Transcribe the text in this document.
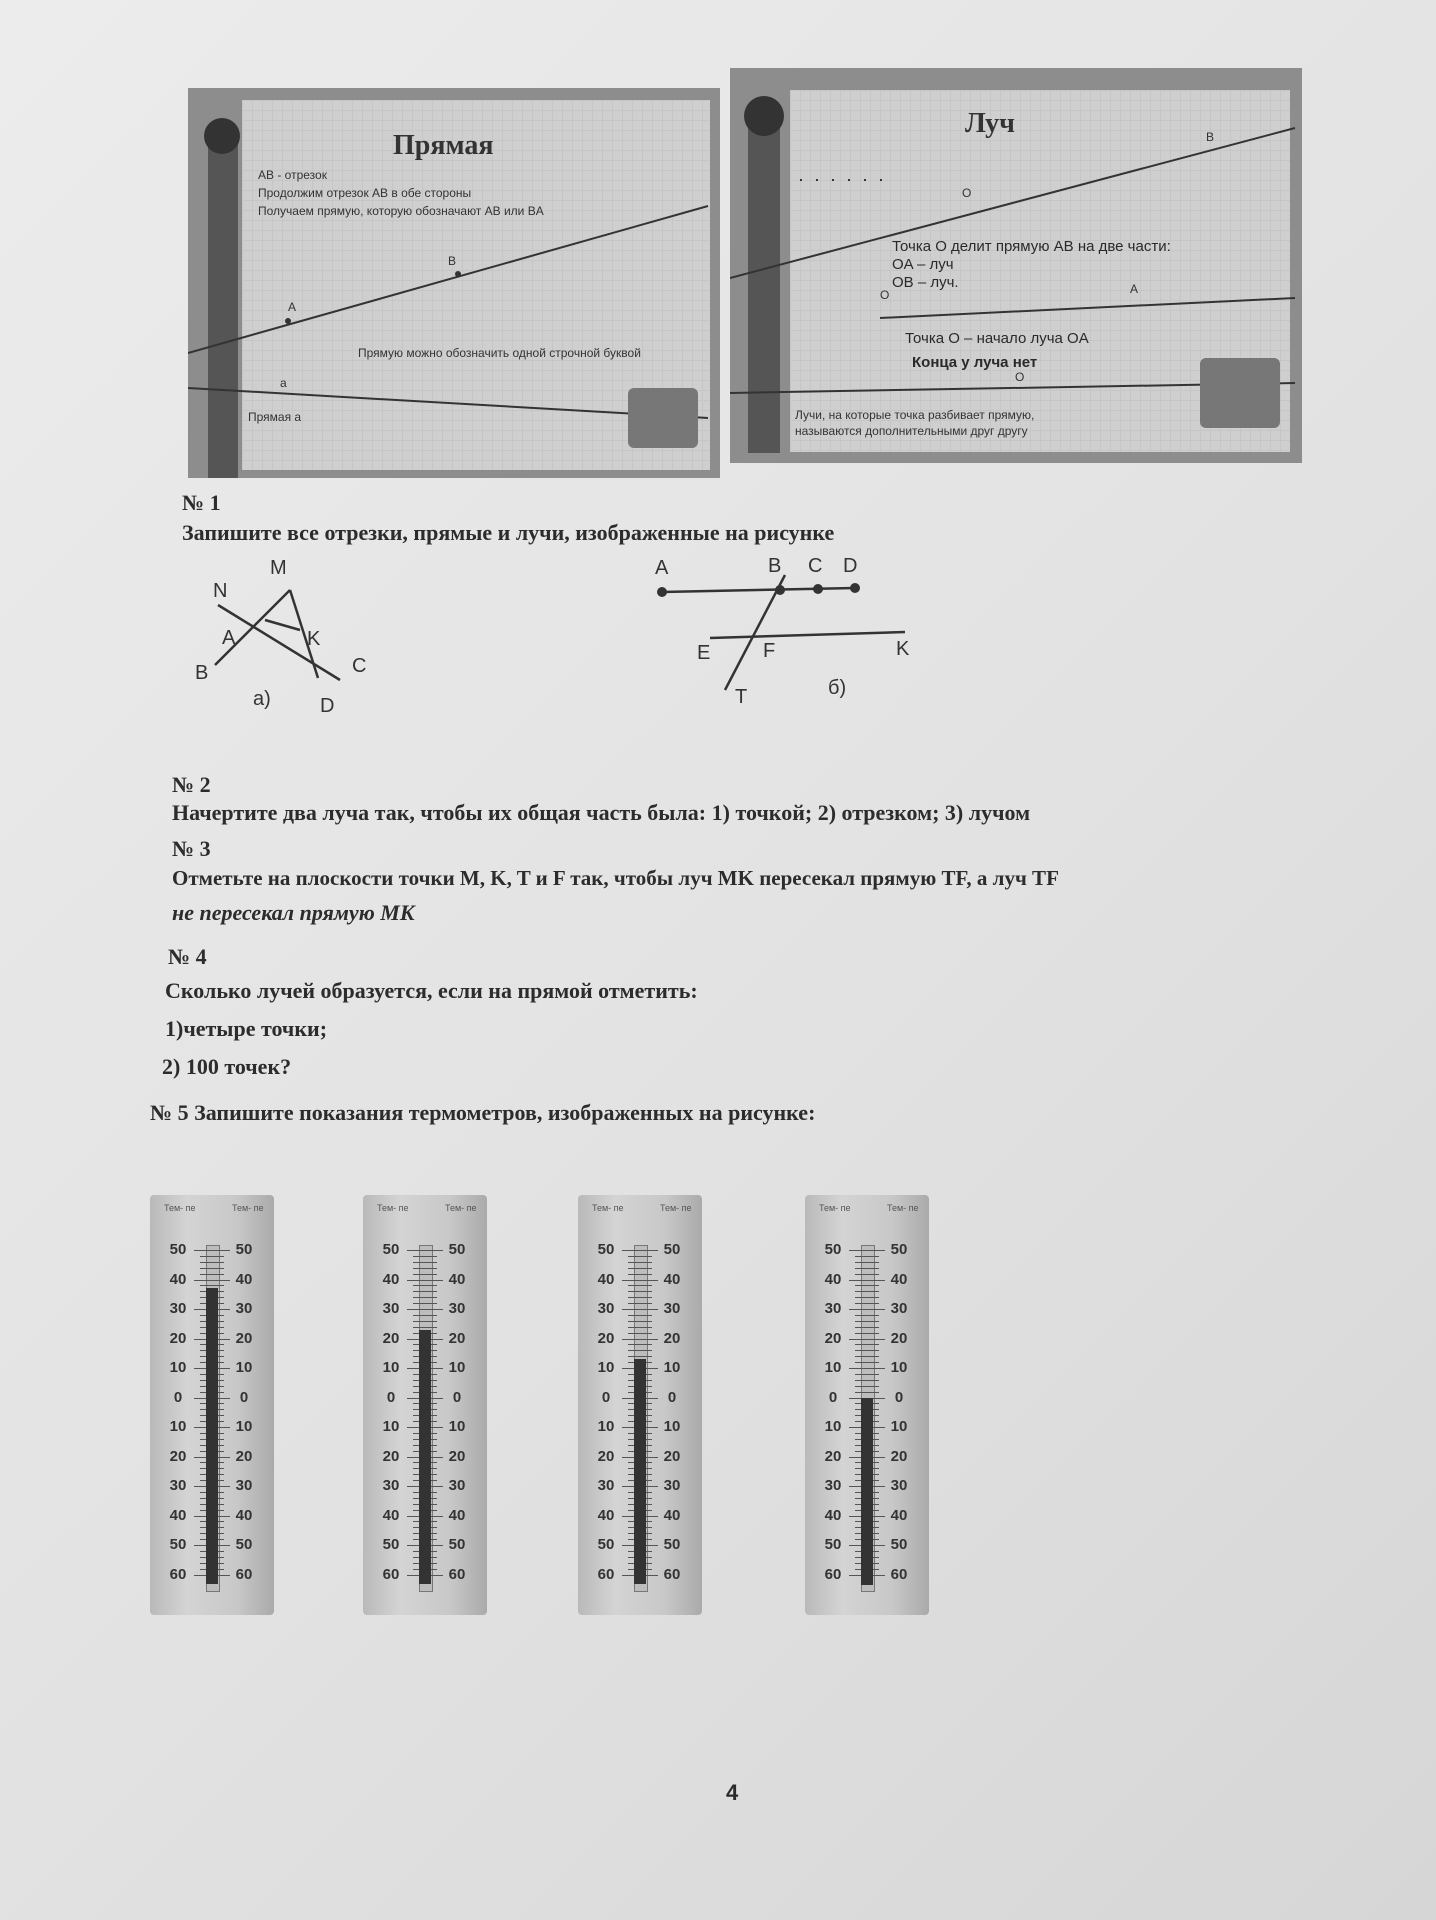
Прямая
AB - отрезок
Продолжим отрезок AB в обе стороны
Получаем прямую, которую обозначают AB или BA
B
A
Прямую можно обозначить одной строчной буквой
a
Прямая a
Луч	B
O
Точка O делит прямую AB на две части:
OA – луч
OB – луч.
O	A
Точка O – начало луча OA
Конца у луча нет
O
Лучи, на которые точка разбивает прямую,
называются дополнительными друг другу
№ 1
Запишите все отрезки, прямые и лучи, изображенные на рисунке
M
N
A	K
B	C
а) D
A	B C D
E	F	K
T	б)
№ 2
Начертите два луча так, чтобы их общая часть была: 1) точкой; 2) отрезком; 3) лучом
№ 3
Отметьте на плоскости точки M, K, T и F так, чтобы луч MK пересекал прямую TF, а луч TF
не пересекал прямую MK
№ 4
Сколько лучей образуется, если на прямой отметить:
1)четыре точки;
2) 100 точек?
№ 5 Запишите показания термометров, изображенных на рисунке:
Тем- пе	Тем- пе
50	50
40	40
30	30
20	20
10	10
0	0
10	10
20	20
30	30
40	40
50	50
60	60
Тем- пе	Тем- пе
50	50
40	40
30	30
20	20
10	10
0	0
10	10
20	20
30	30
40	40
50	50
60	60
Тем- пе	Тем- пе
50	50
40	40
30	30
20	20
10	10
0	0
10	10
20	20
30	30
40	40
50	50
60	60
Тем- пе	Тем- пе
50	50
40	40
30	30
20	20
10	10
0	0
10	10
20	20
30	30
40	40
50	50
60	60
4
